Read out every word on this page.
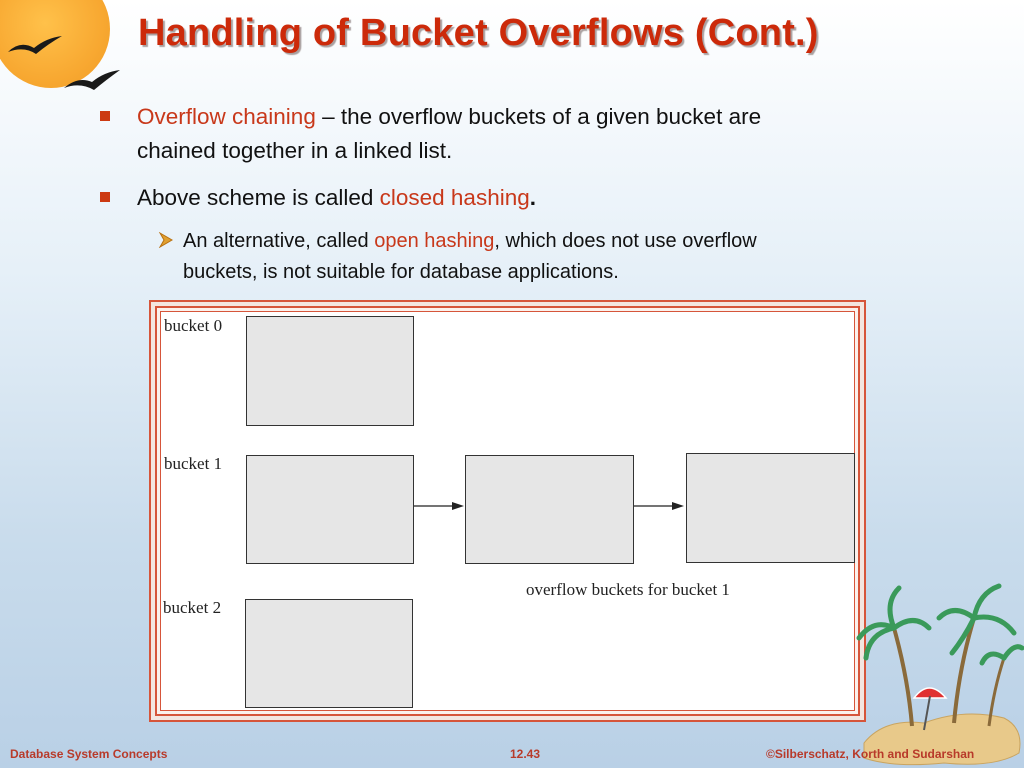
Handling of Bucket Overflows (Cont.)
Overflow chaining – the overflow buckets of a given bucket are
chained together in a linked list.
Above scheme is called closed hashing.
An alternative, called open hashing, which does not use overflow
buckets, is not suitable for database applications.
bucket 0
bucket 1
overflow buckets for bucket 1
bucket 2
Database System Concepts	12.43	©Silberschatz, Korth and Sudarshan
